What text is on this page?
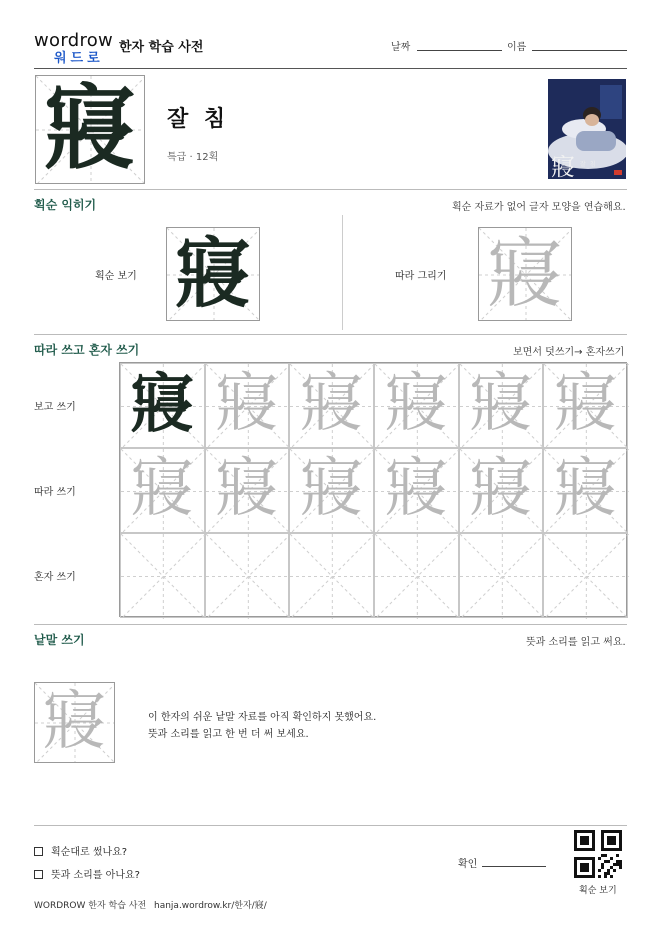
wordrow
워드로
한자 학습 사전	날짜	이름
寢	잘 침
특급 · 12획	寢 잘 침
획순 익히기	획순 자료가 없어 글자 모양을 연습해요.
획순 보기 寢	따라 그리기 寢
따라 쓰고 혼자 쓰기	보면서 덧쓰기→ 혼자쓰기
보고 쓰기
따라 쓰기
혼자 쓰기
寢 寢 寢 寢 寢 寢
寢 寢 寢 寢 寢 寢
낱말 쓰기	뜻과 소리를 읽고 써요.
寢	이 한자의 쉬운 낱말 자료를 아직 확인하지 못했어요.
뜻과 소리를 읽고 한 번 더 써 보세요.
획순대로 썼나요?
뜻과 소리를 아나요?
확인
획순 보기
WORDROW 한자 학습 사전 hanja.wordrow.kr/한자/寢/
